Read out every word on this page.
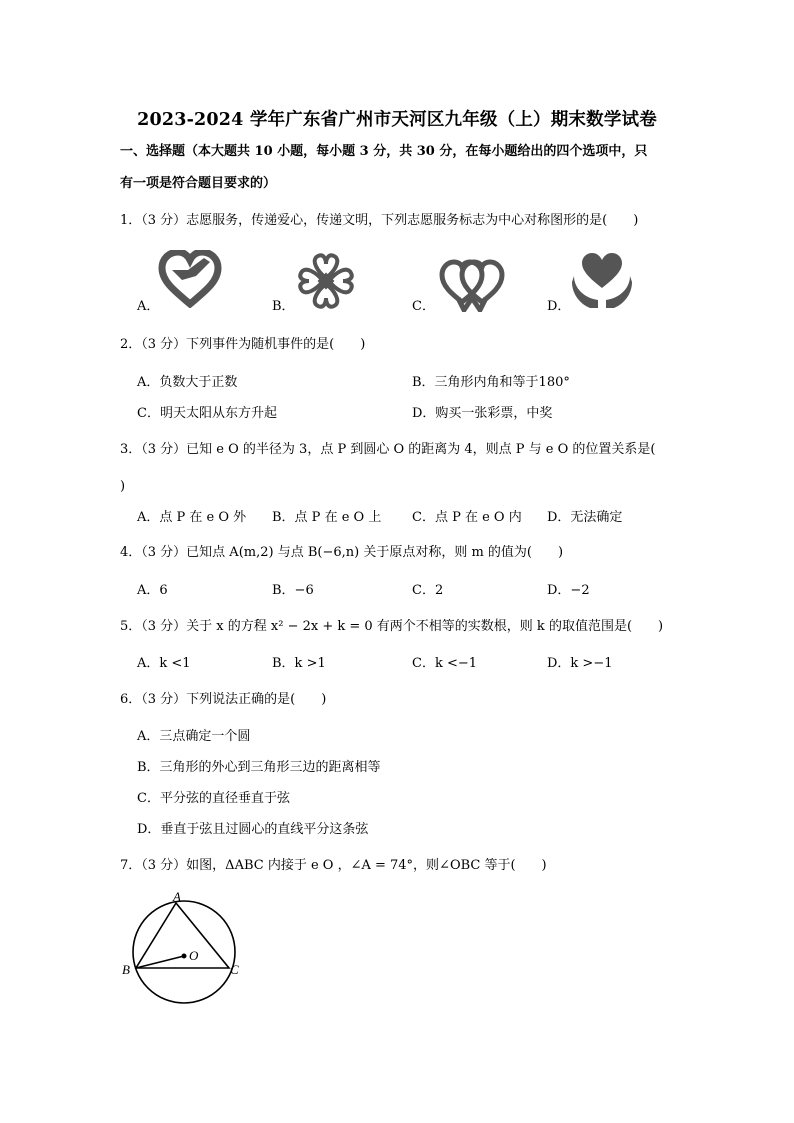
2023-2024 学年广东省广州市天河区九年级（上）期末数学试卷
一、选择题（本大题共 10 小题，每小题 3 分，共 30 分，在每小题给出的四个选项中，只
有一项是符合题目要求的）
1．（3 分）志愿服务，传递爱心，传递文明，下列志愿服务标志为中心对称图形的是(　　)
A．	B．	C．	D．
2．（3 分）下列事件为随机事件的是(　　)
A．负数大于正数	B．三角形内角和等于180°
C．明天太阳从东方升起	D．购买一张彩票，中奖
3．（3 分）已知 e O 的半径为 3，点 P 到圆心 O 的距离为 4，则点 P 与 e O 的位置关系是(
)
A．点 P 在 e O 外 B．点 P 在 e O 上 C．点 P 在 e O 内 D．无法确定
4．（3 分）已知点 A(m,2) 与点 B(−6,n) 关于原点对称，则 m 的值为(　　)
A．6	B．−6	C．2	D．−2
5．（3 分）关于 x 的方程 x² − 2x + k = 0 有两个不相等的实数根，则 k 的取值范围是(　　)
A．k <1	B．k >1	C．k <−1	D．k >−1
6．（3 分）下列说法正确的是(　　)
A．三点确定一个圆
B．三角形的外心到三角形三边的距离相等
C．平分弦的直径垂直于弦
D．垂直于弦且过圆心的直线平分这条弦
7．（3 分）如图，ΔABC 内接于 e O ，∠A = 74°，则∠OBC 等于(　　)
A
B	C
O
